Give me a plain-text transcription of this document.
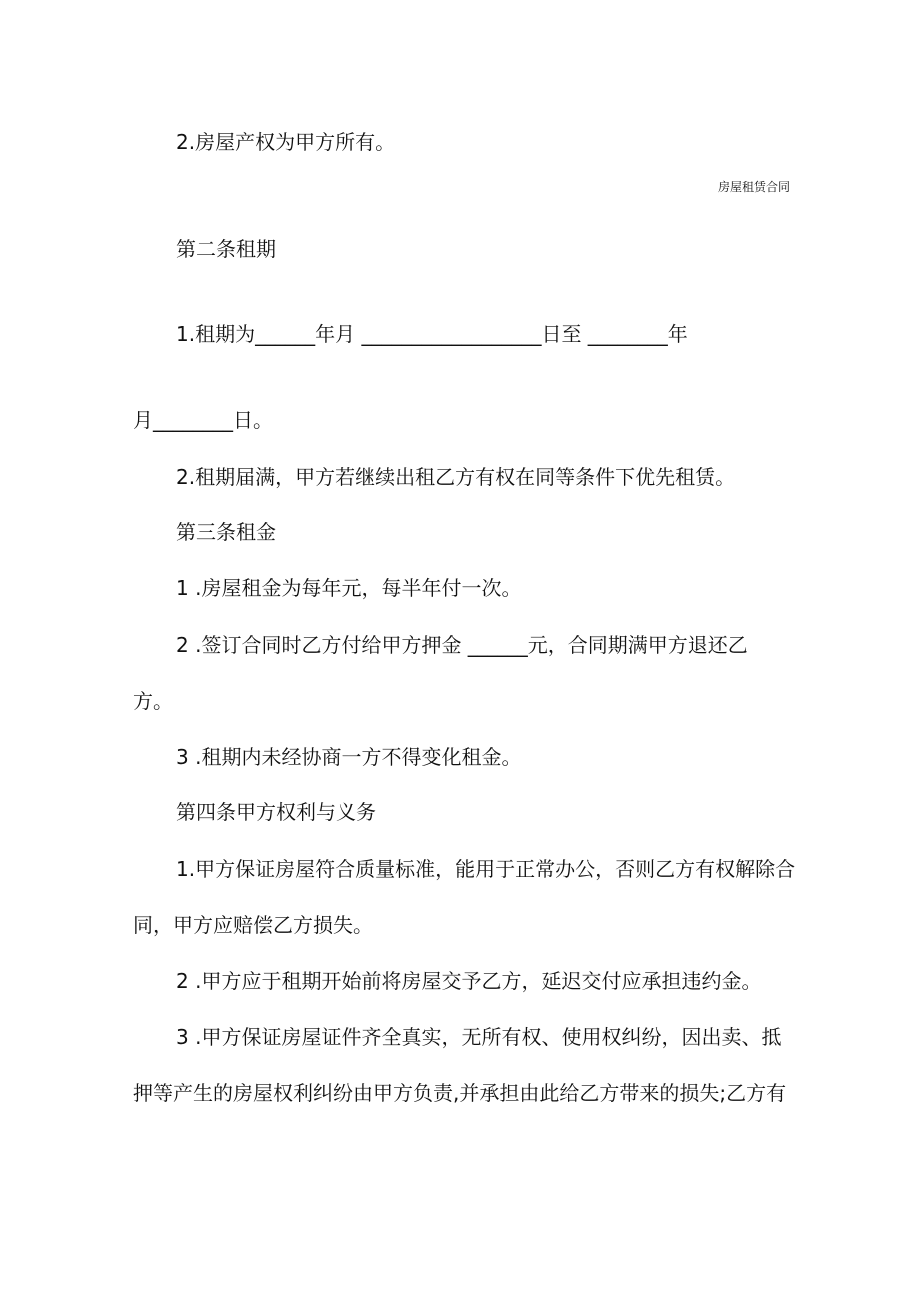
2.房屋产权为甲方所有。
房屋租赁合同
第二条租期
1.租期为______年月 __________________日至 ________年
月________日。
2.租期届满，甲方若继续出租乙方有权在同等条件下优先租赁。
第三条租金
1 .房屋租金为每年元，每半年付一次。
2 .签订合同时乙方付给甲方押金 ______元，合同期满甲方退还乙
方。
3 .租期内未经协商一方不得变化租金。
第四条甲方权利与义务
1.甲方保证房屋符合质量标准，能用于正常办公，否则乙方有权解除合
同，甲方应赔偿乙方损失。
2 .甲方应于租期开始前将房屋交予乙方，延迟交付应承担违约金。
3 .甲方保证房屋证件齐全真实，无所有权、使用权纠纷，因出卖、抵
押等产生的房屋权利纠纷由甲方负责,并承担由此给乙方带来的损失;乙方有
